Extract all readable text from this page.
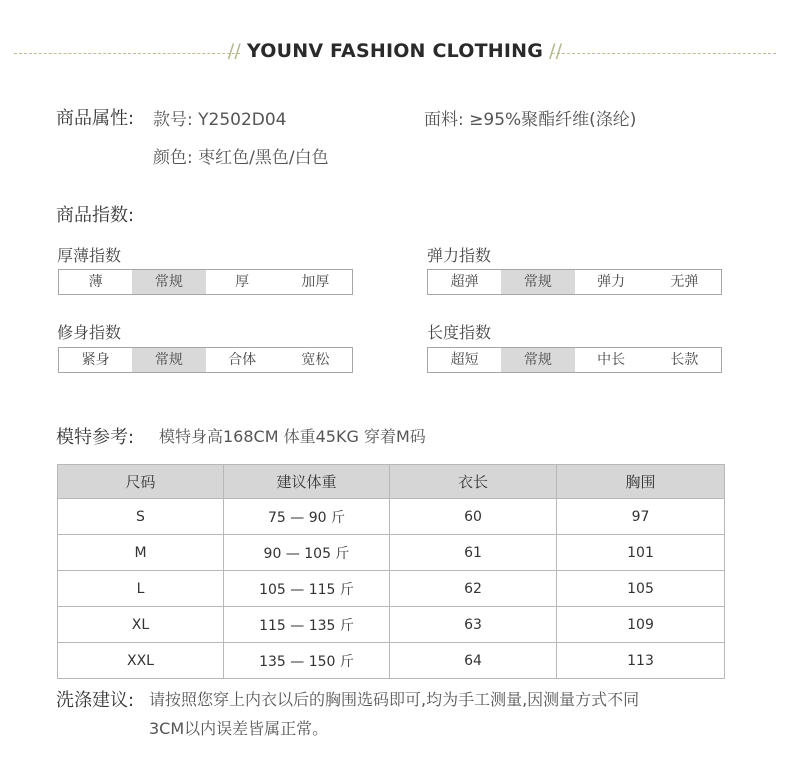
// YOUNV FASHION CLOTHING //
商品属性: 款号: Y2502D04	面料: ≥95%聚酯纤维(涤纶)
颜色: 枣红色/黑色/白色
商品指数:
厚薄指数
薄	常规	厚	加厚
弹力指数
超弹	常规	弹力	无弹
修身指数
紧身	常规	合体	宽松
长度指数
超短	常规	中长	长款
模特参考: 模特身高168CM 体重45KG 穿着M码
尺码	建议体重	衣长	胸围
S	75 — 90 斤	60	97
M	90 — 105 斤	61	101
L	105 — 115 斤	62	105
XL	115 — 135 斤	63	109
XXL	135 — 150 斤	64	113
洗涤建议: 请按照您穿上内衣以后的胸围选码即可,均为手工测量,因测量方式不同
3CM以内误差皆属正常。
